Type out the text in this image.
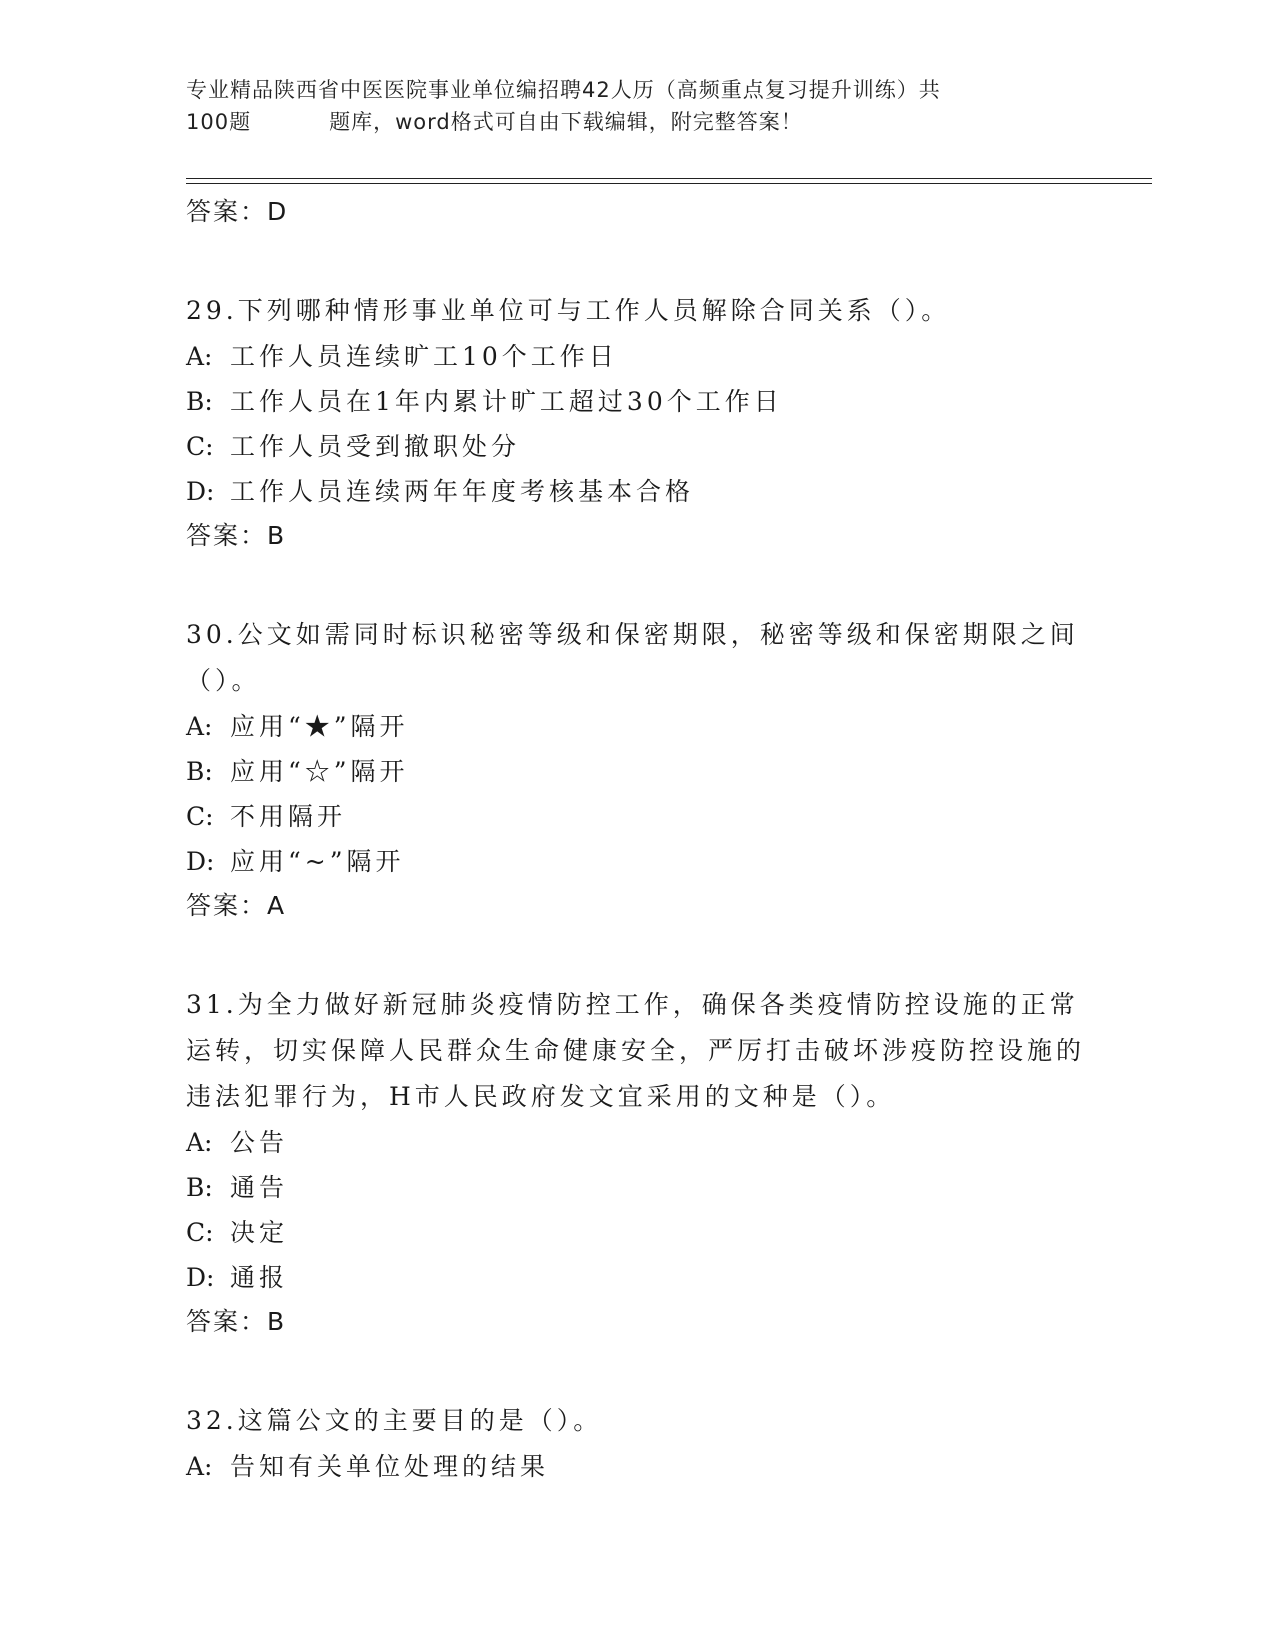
专业精品陕西省中医医院事业单位编招聘42人历（高频重点复习提升训练）共

100题	题库，word格式可自由下载编辑，附完整答案！
答案：D
29.下列哪种情形事业单位可与工作人员解除合同关系（）。
A: 工作人员连续旷工10个工作日
B: 工作人员在1年内累计旷工超过30个工作日
C: 工作人员受到撤职处分
D: 工作人员连续两年年度考核基本合格
答案：B
30.公文如需同时标识秘密等级和保密期限，秘密等级和保密期限之间（）。
A: 应用“★”隔开
B: 应用“☆”隔开
C: 不用隔开
D: 应用“~”隔开
答案：A
31.为全力做好新冠肺炎疫情防控工作，确保各类疫情防控设施的正常运转，切实保障人民群众生命健康安全，严厉打击破坏涉疫防控设施的违法犯罪行为，H市人民政府发文宜采用的文种是（）。
A: 公告
B: 通告
C: 决定
D: 通报
答案：B
32.这篇公文的主要目的是（）。
A: 告知有关单位处理的结果
